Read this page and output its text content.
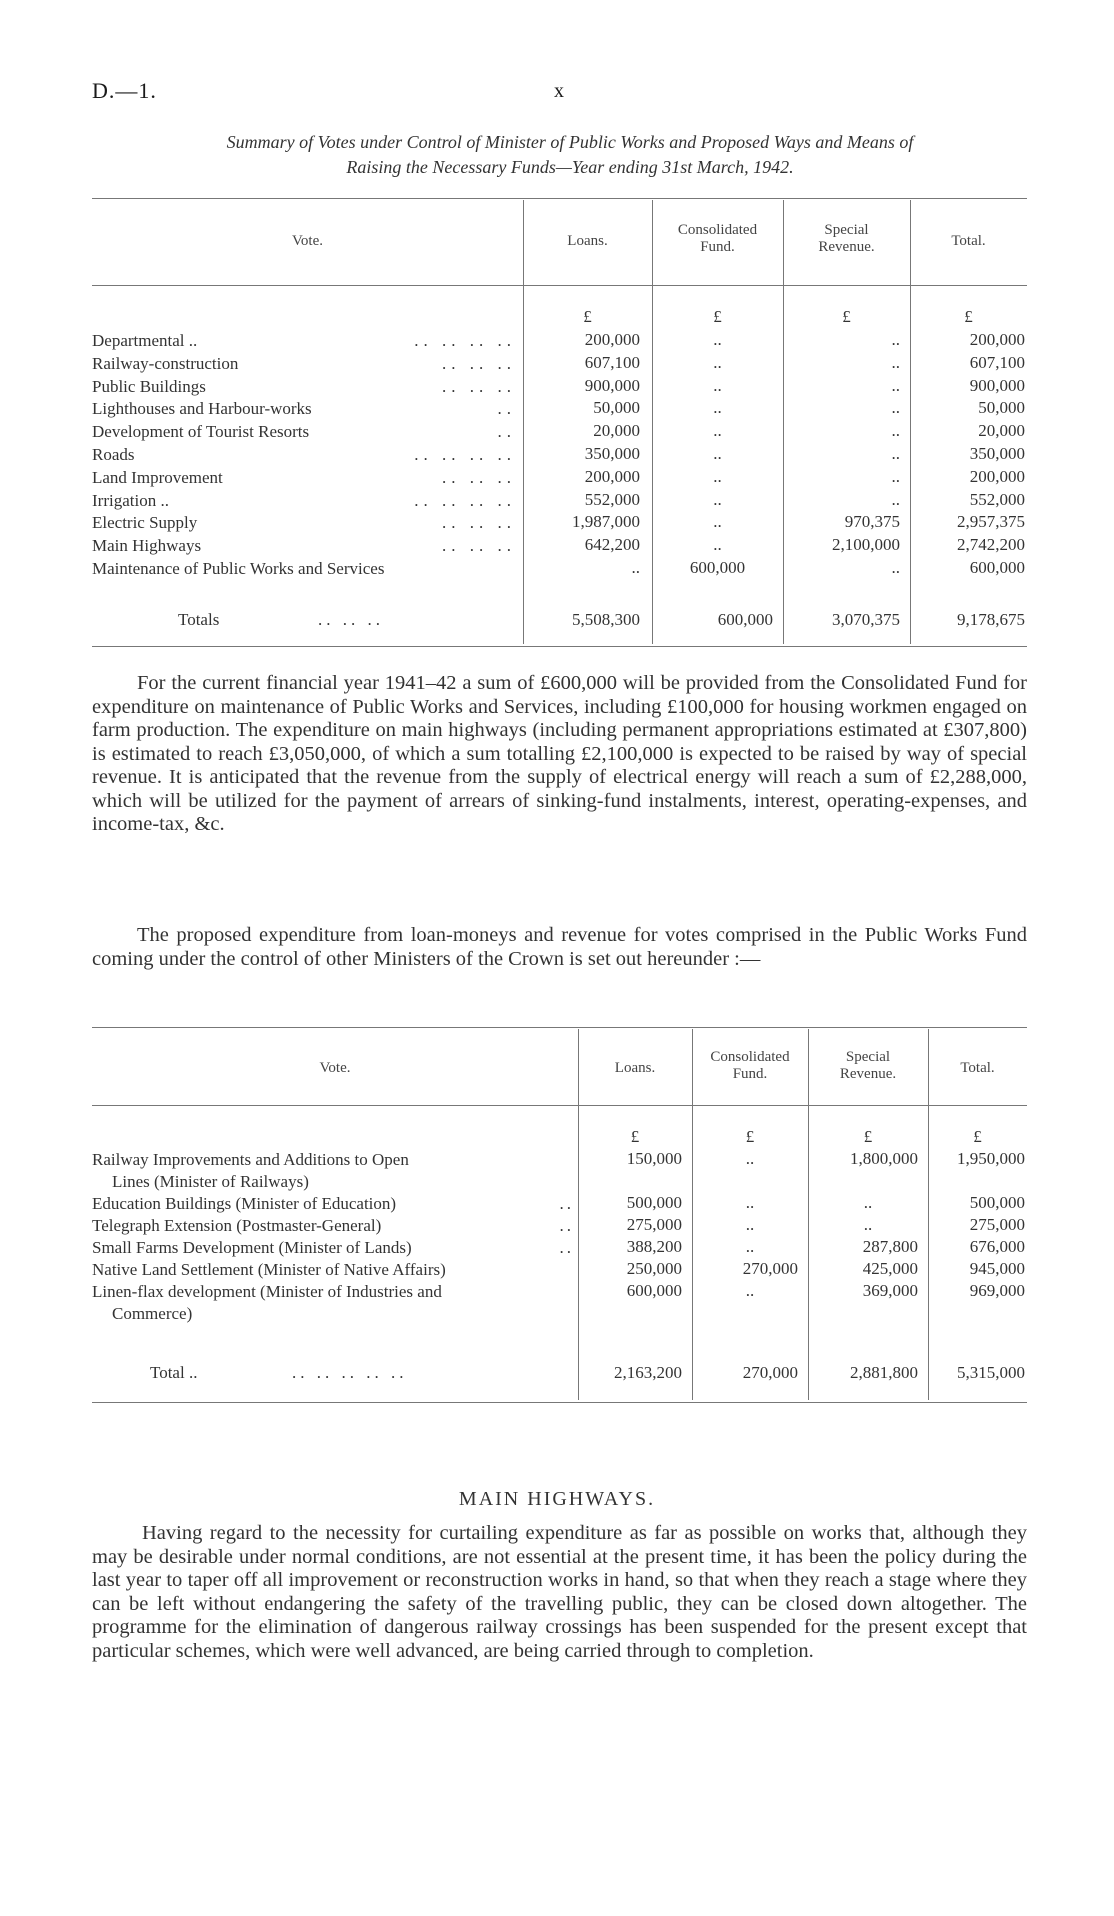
D.—1.	x
Summary of Votes under Control of Minister of Public Works and Proposed Ways and Means of
Raising the Necessary Funds—Year ending 31st March, 1942.
Vote.	Loans.
Consolidated
Fund.
Special
Revenue.	Total.
£	£	£	£
Departmental ..	.. .. .. ..	200,000	..	..	200,000
Railway-construction	.. .. ..	607,100	..	..	607,100
Public Buildings	.. .. ..	900,000	..	..	900,000
Lighthouses and Harbour-works	..	50,000	..	..	50,000
Development of Tourist Resorts	..	20,000	..	..	20,000
Roads	.. .. .. ..	350,000	..	..	350,000
Land Improvement	.. .. ..	200,000	..	..	200,000
Irrigation ..	.. .. .. ..	552,000	..	..	552,000
Electric Supply	.. .. ..	1,987,000	..	970,375	2,957,375
Main Highways	.. .. ..	642,200	..	2,100,000	2,742,200
Maintenance of Public Works and Services	..	600,000	..	600,000
Totals	.. .. ..	5,508,300	600,000	3,070,375	9,178,675

For the current financial year 1941–42 a sum of £600,000 will be provided from the Consolidated Fund for expenditure on maintenance of Public Works and Services, including £100,000 for housing workmen engaged on farm production. The expenditure on main highways (including permanent appropriations estimated at £307,800) is estimated to reach £3,050,000, of which a sum totalling £2,100,000 is expected to be raised by way of special revenue. It is anticipated that the revenue from the supply of electrical energy will reach a sum of £2,288,000, which will be utilized for the payment of arrears of sinking-fund instalments, interest, operating-expenses, and income-tax, &c.

The proposed expenditure from loan-moneys and revenue for votes comprised in the Public Works Fund coming under the control of other Ministers of the Crown is set out hereunder :—

Vote.	Loans.
Consolidated
Fund.
Special
Revenue.	Total.
£	£	£	£
Railway Improvements and Additions to Open
Lines (Minister of Railways)
150,000	..	1,800,000	1,950,000
Education Buildings (Minister of Education)	..	500,000	..	..	500,000
Telegraph Extension (Postmaster-General)	..	275,000	..	..	275,000
Small Farms Development (Minister of Lands)	..	388,200	..	287,800	676,000
Native Land Settlement (Minister of Native Affairs)	250,000	270,000	425,000	945,000
Linen-flax development (Minister of Industries and
Commerce)
600,000	..	369,000	969,000
Total ..	.. .. .. .. ..	2,163,200	270,000	2,881,800	5,315,000
MAIN HIGHWAYS.

Having regard to the necessity for curtailing expenditure as far as possible on works that, although they may be desirable under normal conditions, are not essential at the present time, it has been the policy during the last year to taper off all improvement or reconstruction works in hand, so that when they reach a stage where they can be left without endangering the safety of the travelling public, they can be closed down altogether. The programme for the elimination of dangerous railway crossings has been suspended for the present except that particular schemes, which were well advanced, are being carried through to completion.
